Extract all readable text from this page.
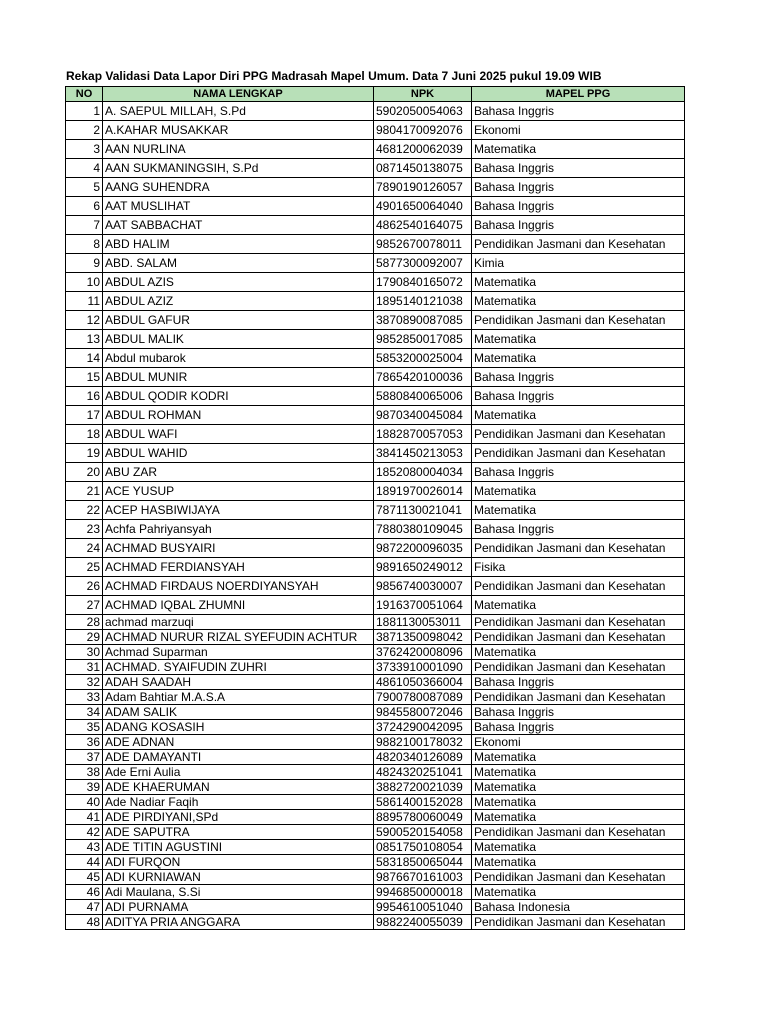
Rekap Validasi Data Lapor Diri PPG Madrasah Mapel Umum. Data 7 Juni 2025 pukul 19.09 WIB
NO	NAMA LENGKAP	NPK	MAPEL PPG
1	A. SAEPUL MILLAH, S.Pd	5902050054063	Bahasa Inggris
2	A.KAHAR MUSAKKAR	9804170092076	Ekonomi
3	AAN NURLINA	4681200062039	Matematika
4	AAN SUKMANINGSIH, S.Pd	0871450138075	Bahasa Inggris
5	AANG SUHENDRA	7890190126057	Bahasa Inggris
6	AAT MUSLIHAT	4901650064040	Bahasa Inggris
7	AAT SABBACHAT	4862540164075	Bahasa Inggris
8	ABD HALIM	9852670078011	Pendidikan Jasmani dan Kesehatan
9	ABD. SALAM	5877300092007	Kimia
10	ABDUL AZIS	1790840165072	Matematika
11	ABDUL AZIZ	1895140121038	Matematika
12	ABDUL GAFUR	3870890087085	Pendidikan Jasmani dan Kesehatan
13	ABDUL MALIK	9852850017085	Matematika
14	Abdul mubarok	5853200025004	Matematika
15	ABDUL MUNIR	7865420100036	Bahasa Inggris
16	ABDUL QODIR KODRI	5880840065006	Bahasa Inggris
17	ABDUL ROHMAN	9870340045084	Matematika
18	ABDUL WAFI	1882870057053	Pendidikan Jasmani dan Kesehatan
19	ABDUL WAHID	3841450213053	Pendidikan Jasmani dan Kesehatan
20	ABU ZAR	1852080004034	Bahasa Inggris
21	ACE YUSUP	1891970026014	Matematika
22	ACEP HASBIWIJAYA	7871130021041	Matematika
23	Achfa Pahriyansyah	7880380109045	Bahasa Inggris
24	ACHMAD BUSYAIRI	9872200096035	Pendidikan Jasmani dan Kesehatan
25	ACHMAD FERDIANSYAH	9891650249012	Fisika
26	ACHMAD FIRDAUS NOERDIYANSYAH	9856740030007	Pendidikan Jasmani dan Kesehatan
27	ACHMAD IQBAL ZHUMNI	1916370051064	Matematika
28	achmad marzuqi	1881130053011	Pendidikan Jasmani dan Kesehatan
29	ACHMAD NURUR RIZAL SYEFUDIN ACHTUR	3871350098042	Pendidikan Jasmani dan Kesehatan
30	Achmad Suparman	3762420008096	Matematika
31	ACHMAD. SYAIFUDIN ZUHRI	3733910001090	Pendidikan Jasmani dan Kesehatan
32	ADAH SAADAH	4861050366004	Bahasa Inggris
33	Adam Bahtiar M.A.S.A	7900780087089	Pendidikan Jasmani dan Kesehatan
34	ADAM SALIK	9845580072046	Bahasa Inggris
35	ADANG KOSASIH	3724290042095	Bahasa Inggris
36	ADE ADNAN	9882100178032	Ekonomi
37	ADE DAMAYANTI	4820340126089	Matematika
38	Ade Erni Aulia	4824320251041	Matematika
39	ADE KHAERUMAN	3882720021039	Matematika
40	Ade Nadiar Faqih	5861400152028	Matematika
41	ADE PIRDIYANI,SPd	8895780060049	Matematika
42	ADE SAPUTRA	5900520154058	Pendidikan Jasmani dan Kesehatan
43	ADE TITIN AGUSTINI	0851750108054	Matematika
44	ADI FURQON	5831850065044	Matematika
45	ADI KURNIAWAN	9876670161003	Pendidikan Jasmani dan Kesehatan
46	Adi Maulana, S.Si	9946850000018	Matematika
47	ADI PURNAMA	9954610051040	Bahasa Indonesia
48	ADITYA PRIA ANGGARA	9882240055039	Pendidikan Jasmani dan Kesehatan
